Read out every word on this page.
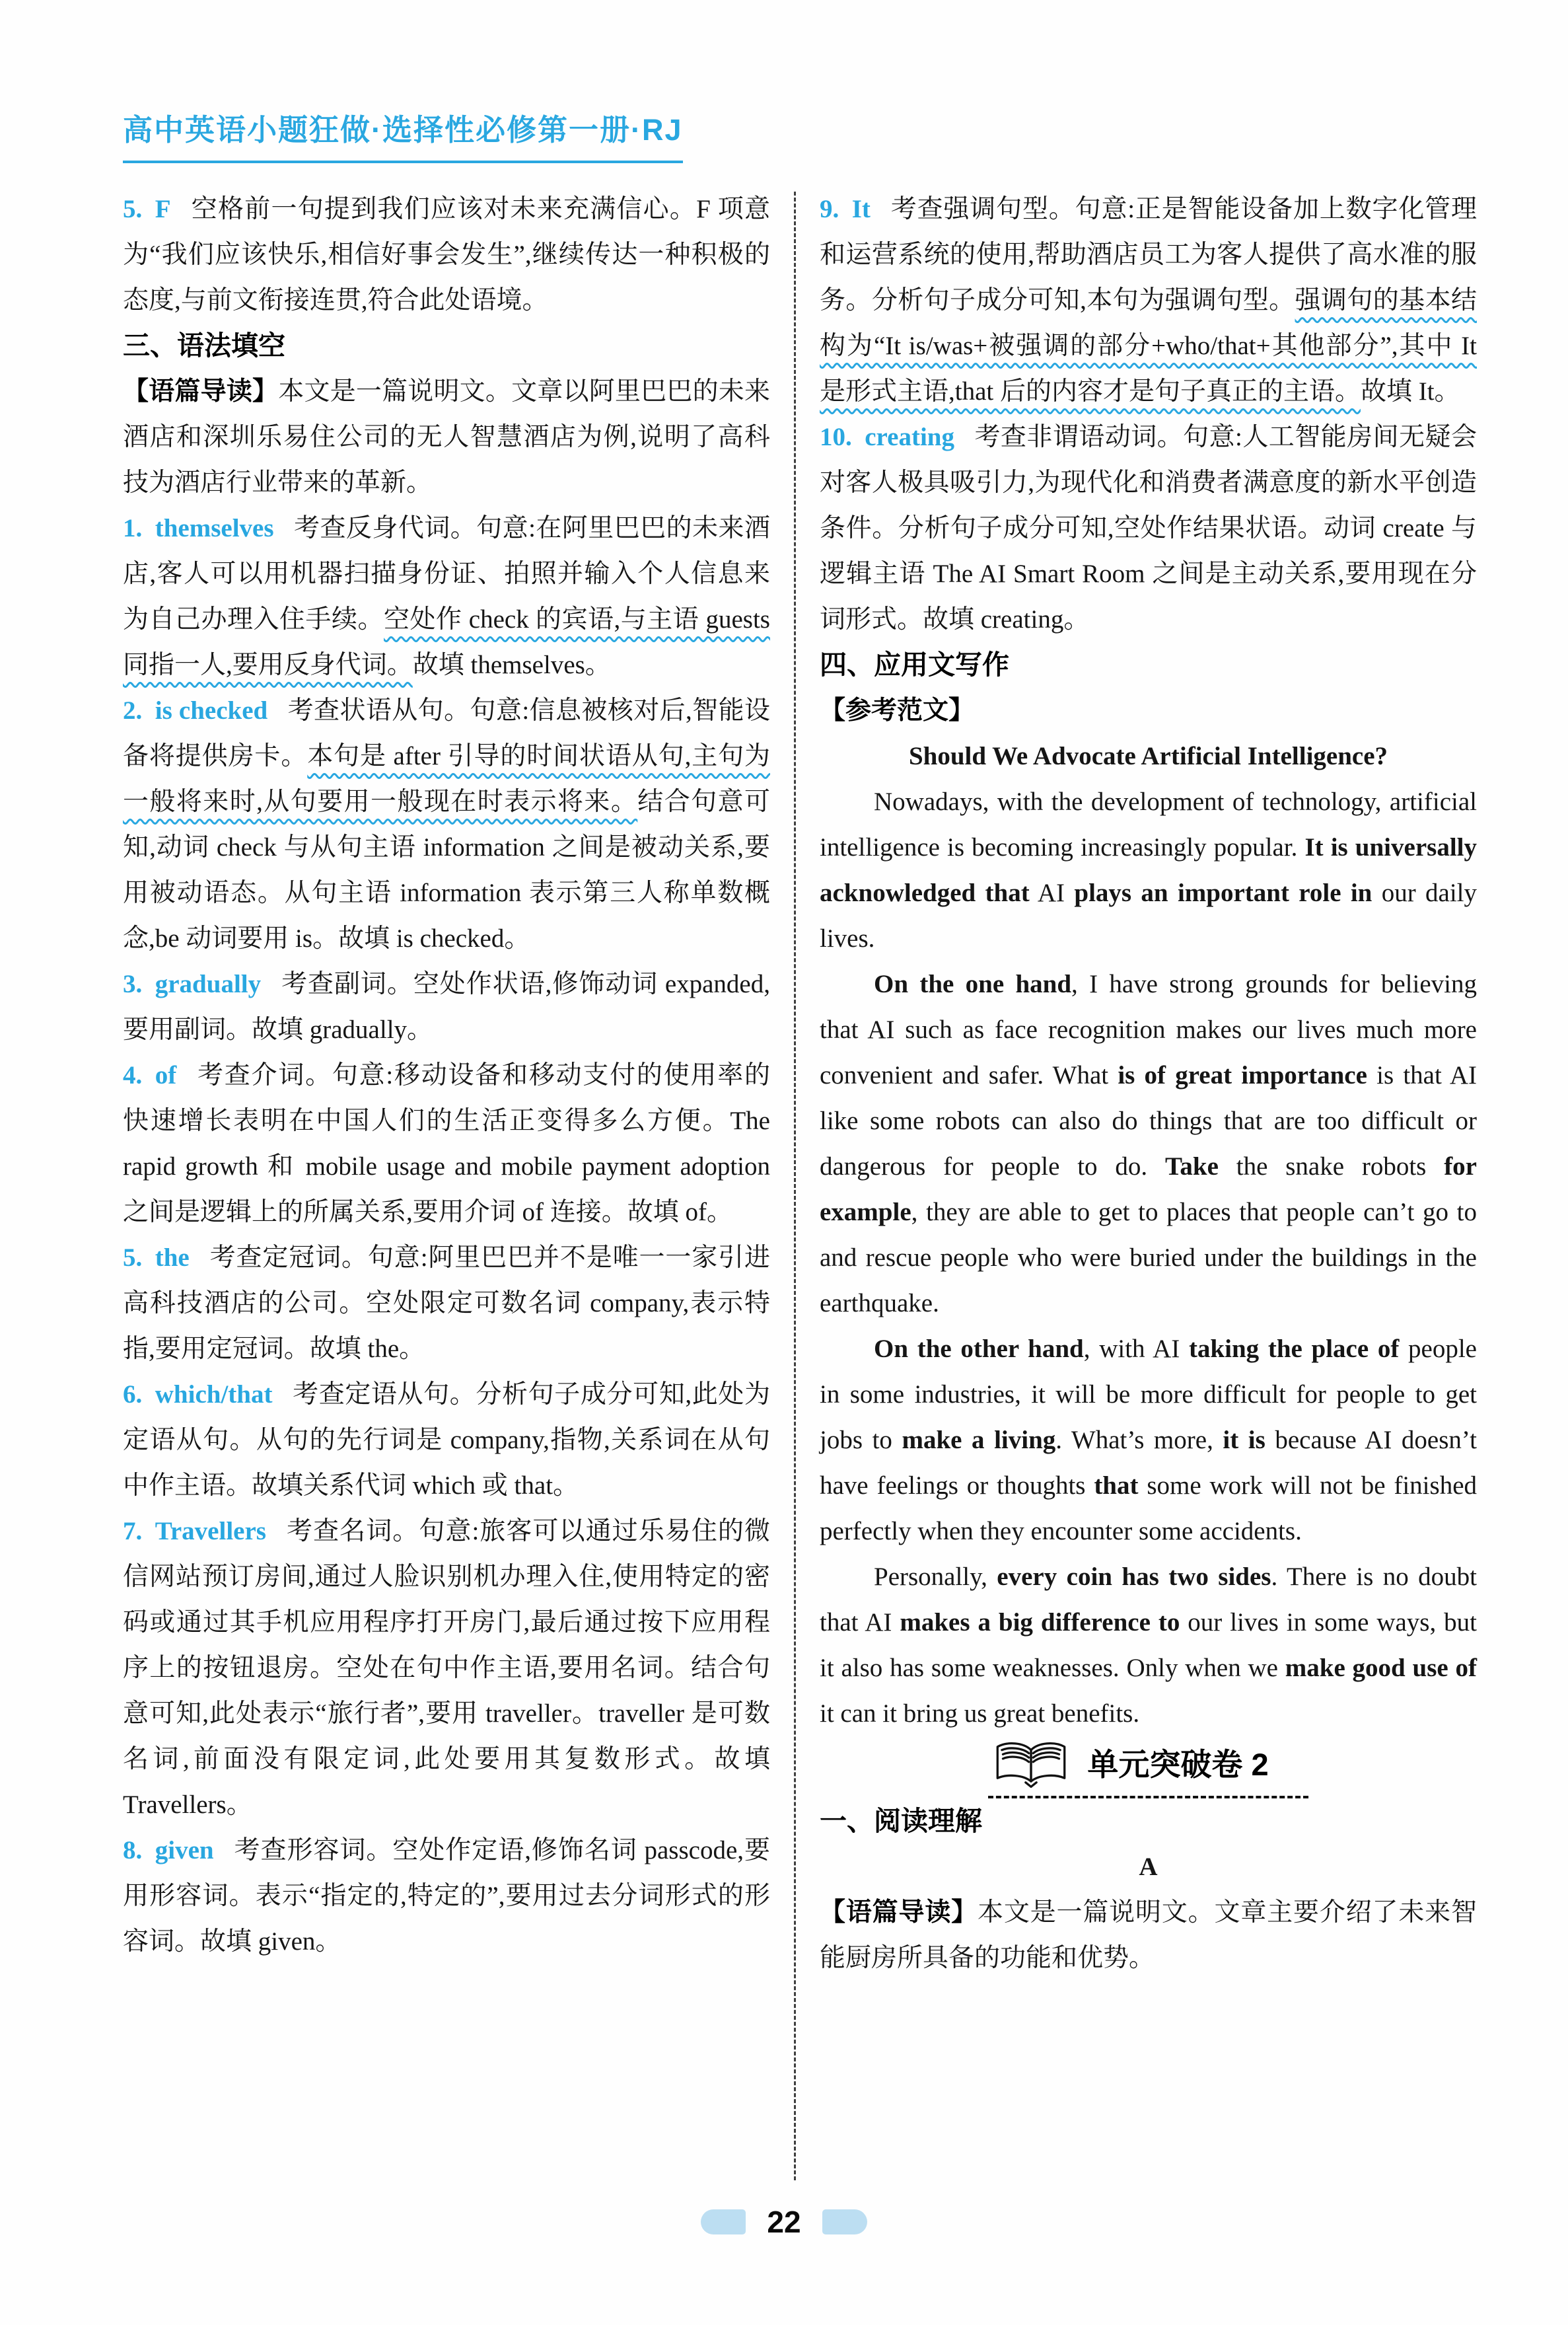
高中英语小题狂做·选择性必修第一册·RJ

5. F 空格前一句提到我们应该对未来充满信心。F 项意为“我们应该快乐,相信好事会发生”,继续传达一种积极的态度,与前文衔接连贯,符合此处语境。

三、语法填空

【语篇导读】本文是一篇说明文。文章以阿里巴巴的未来酒店和深圳乐易住公司的无人智慧酒店为例,说明了高科技为酒店行业带来的革新。

1. themselves 考查反身代词。句意:在阿里巴巴的未来酒店,客人可以用机器扫描身份证、拍照并输入个人信息来为自己办理入住手续。空处作 check 的宾语,与主语 guests 同指一人,要用反身代词。故填 themselves。

2. is checked 考查状语从句。句意:信息被核对后,智能设备将提供房卡。本句是 after 引导的时间状语从句,主句为一般将来时,从句要用一般现在时表示将来。结合句意可知,动词 check 与从句主语 information 之间是被动关系,要用被动语态。从句主语 information 表示第三人称单数概念,be 动词要用 is。故填 is checked。

3. gradually 考查副词。空处作状语,修饰动词 expanded,要用副词。故填 gradually。

4. of 考查介词。句意:移动设备和移动支付的使用率的快速增长表明在中国人们的生活正变得多么方便。The rapid growth 和 mobile usage and mobile payment adoption 之间是逻辑上的所属关系,要用介词 of 连接。故填 of。

5. the 考查定冠词。句意:阿里巴巴并不是唯一一家引进高科技酒店的公司。空处限定可数名词 company,表示特指,要用定冠词。故填 the。

6. which/that 考查定语从句。分析句子成分可知,此处为定语从句。从句的先行词是 company,指物,关系词在从句中作主语。故填关系代词 which 或 that。

7. Travellers 考查名词。句意:旅客可以通过乐易住的微信网站预订房间,通过人脸识别机办理入住,使用特定的密码或通过其手机应用程序打开房门,最后通过按下应用程序上的按钮退房。空处在句中作主语,要用名词。结合句意可知,此处表示“旅行者”,要用 traveller。traveller 是可数名词,前面没有限定词,此处要用其复数形式。故填 Travellers。

8. given 考查形容词。空处作定语,修饰名词 passcode,要用形容词。表示“指定的,特定的”,要用过去分词形式的形容词。故填 given。

9. It 考查强调句型。句意:正是智能设备加上数字化管理和运营系统的使用,帮助酒店员工为客人提供了高水准的服务。分析句子成分可知,本句为强调句型。强调句的基本结构为“It is/was+被强调的部分+who/that+其他部分”,其中 It 是形式主语,that 后的内容才是句子真正的主语。故填 It。

10. creating 考查非谓语动词。句意:人工智能房间无疑会对客人极具吸引力,为现代化和消费者满意度的新水平创造条件。分析句子成分可知,空处作结果状语。动词 create 与逻辑主语 The AI Smart Room 之间是主动关系,要用现在分词形式。故填 creating。

四、应用文写作

【参考范文】

Should We Advocate Artificial Intelligence?

Nowadays, with the development of technology, artificial intelligence is becoming increasingly popular. It is universally acknowledged that AI plays an important role in our daily lives.

On the one hand, I have strong grounds for believing that AI such as face recognition makes our lives much more convenient and safer. What is of great importance is that AI like some robots can also do things that are too difficult or dangerous for people to do. Take the snake robots for example, they are able to get to places that people can’t go to and rescue people who were buried under the buildings in the earthquake.

On the other hand, with AI taking the place of people in some industries, it will be more difficult for people to get jobs to make a living. What’s more, it is because AI doesn’t have feelings or thoughts that some work will not be finished perfectly when they encounter some accidents.

Personally, every coin has two sides. There is no doubt that AI makes a big difference to our lives in some ways, but it also has some weaknesses. Only when we make good use of it can it bring us great benefits.

单元突破卷 2
一、阅读理解

A

【语篇导读】本文是一篇说明文。文章主要介绍了未来智能厨房所具备的功能和优势。

22
